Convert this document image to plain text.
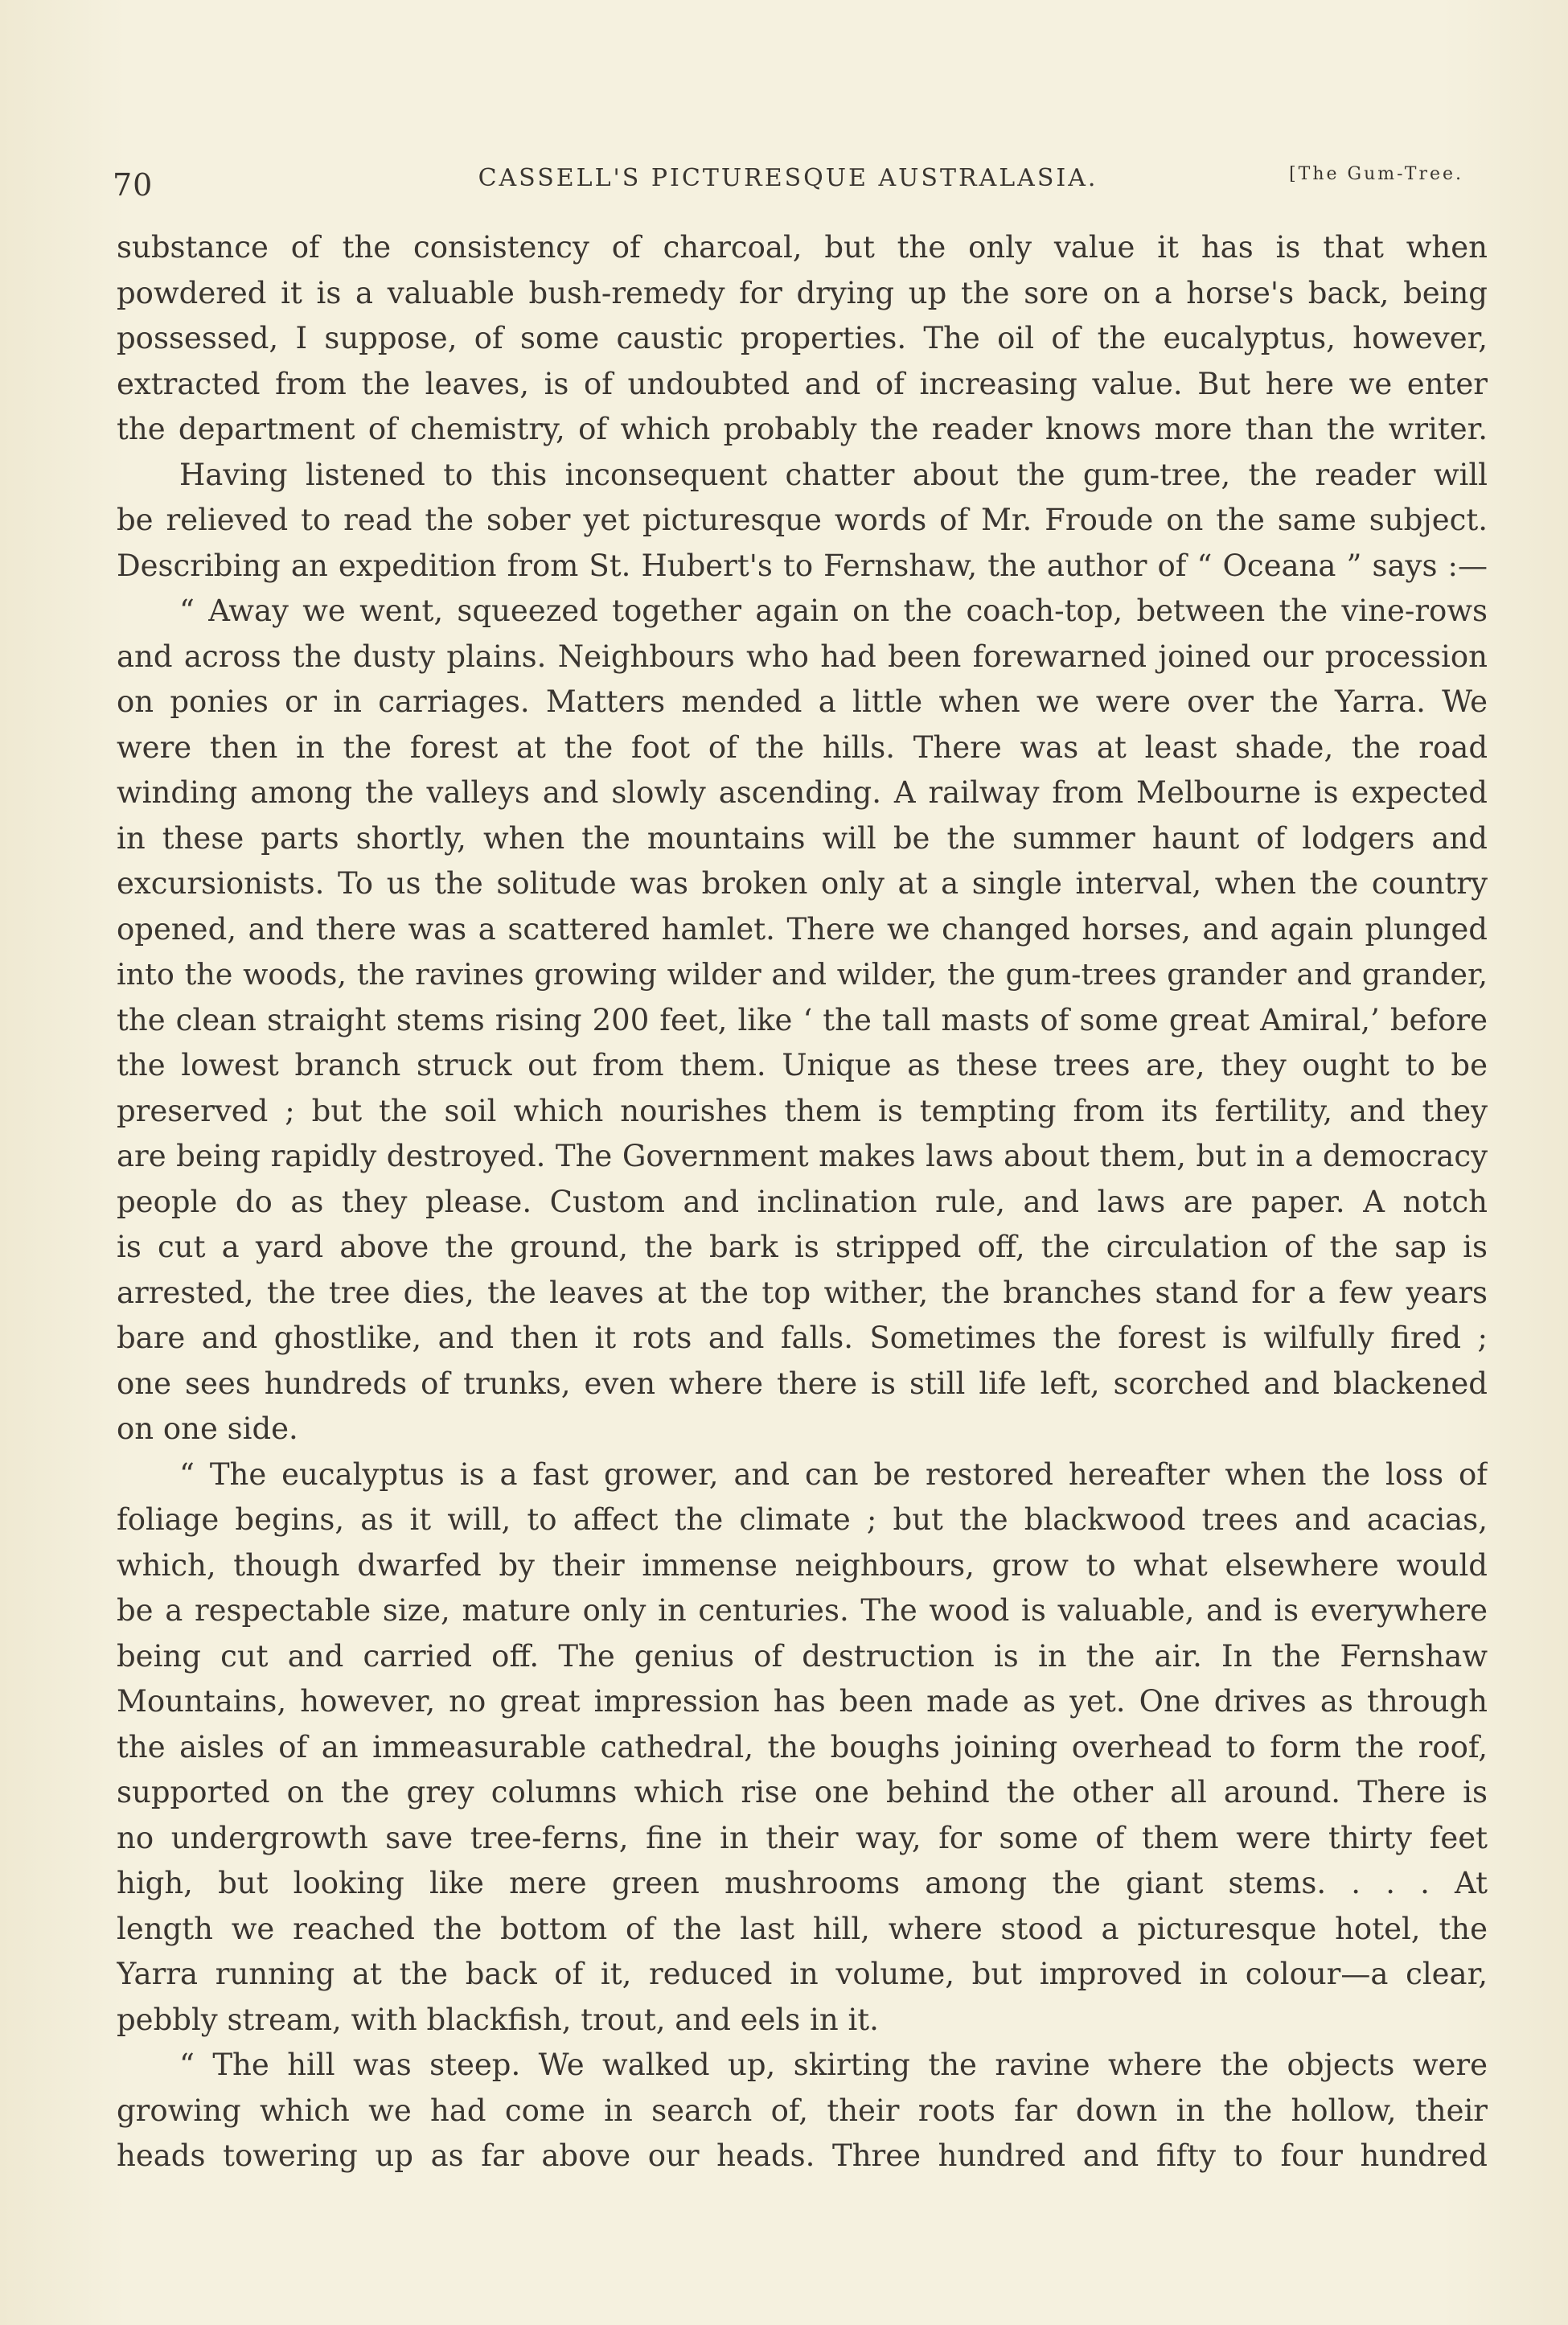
70	CASSELL'S PICTURESQUE AUSTRALASIA.	[The Gum-Tree.
substance of the consistency of charcoal, but the only value it has is that when
powdered it is a valuable bush-remedy for drying up the sore on a horse's back, being
possessed, I suppose, of some caustic properties. The oil of the eucalyptus, however,
extracted from the leaves, is of undoubted and of increasing value. But here we enter
the department of chemistry, of which probably the reader knows more than the writer.
Having listened to this inconsequent chatter about the gum-tree, the reader will
be relieved to read the sober yet picturesque words of Mr. Froude on the same subject.
Describing an expedition from St. Hubert's to Fernshaw, the author of “ Oceana ” says :—
“ Away we went, squeezed together again on the coach-top, between the vine-rows
and across the dusty plains. Neighbours who had been forewarned joined our procession
on ponies or in carriages. Matters mended a little when we were over the Yarra. We
were then in the forest at the foot of the hills. There was at least shade, the road
winding among the valleys and slowly ascending. A railway from Melbourne is expected
in these parts shortly, when the mountains will be the summer haunt of lodgers and
excursionists. To us the solitude was broken only at a single interval, when the country
opened, and there was a scattered hamlet. There we changed horses, and again plunged
into the woods, the ravines growing wilder and wilder, the gum-trees grander and grander,
the clean straight stems rising 200 feet, like ‘ the tall masts of some great Amiral,’ before
the lowest branch struck out from them. Unique as these trees are, they ought to be
preserved ; but the soil which nourishes them is tempting from its fertility, and they
are being rapidly destroyed. The Government makes laws about them, but in a democracy
people do as they please. Custom and inclination rule, and laws are paper. A notch
is cut a yard above the ground, the bark is stripped off, the circulation of the sap is
arrested, the tree dies, the leaves at the top wither, the branches stand for a few years
bare and ghostlike, and then it rots and falls. Sometimes the forest is wilfully fired ;
one sees hundreds of trunks, even where there is still life left, scorched and blackened
on one side.
“ The eucalyptus is a fast grower, and can be restored hereafter when the loss of
foliage begins, as it will, to affect the climate ; but the blackwood trees and acacias,
which, though dwarfed by their immense neighbours, grow to what elsewhere would
be a respectable size, mature only in centuries. The wood is valuable, and is everywhere
being cut and carried off. The genius of destruction is in the air. In the Fernshaw
Mountains, however, no great impression has been made as yet. One drives as through
the aisles of an immeasurable cathedral, the boughs joining overhead to form the roof,
supported on the grey columns which rise one behind the other all around. There is
no undergrowth save tree-ferns, fine in their way, for some of them were thirty feet
high, but looking like mere green mushrooms among the giant stems. . . . At
length we reached the bottom of the last hill, where stood a picturesque hotel, the
Yarra running at the back of it, reduced in volume, but improved in colour—a clear,
pebbly stream, with blackfish, trout, and eels in it.
“ The hill was steep. We walked up, skirting the ravine where the objects were
growing which we had come in search of, their roots far down in the hollow, their
heads towering up as far above our heads. Three hundred and fifty to four hundred
